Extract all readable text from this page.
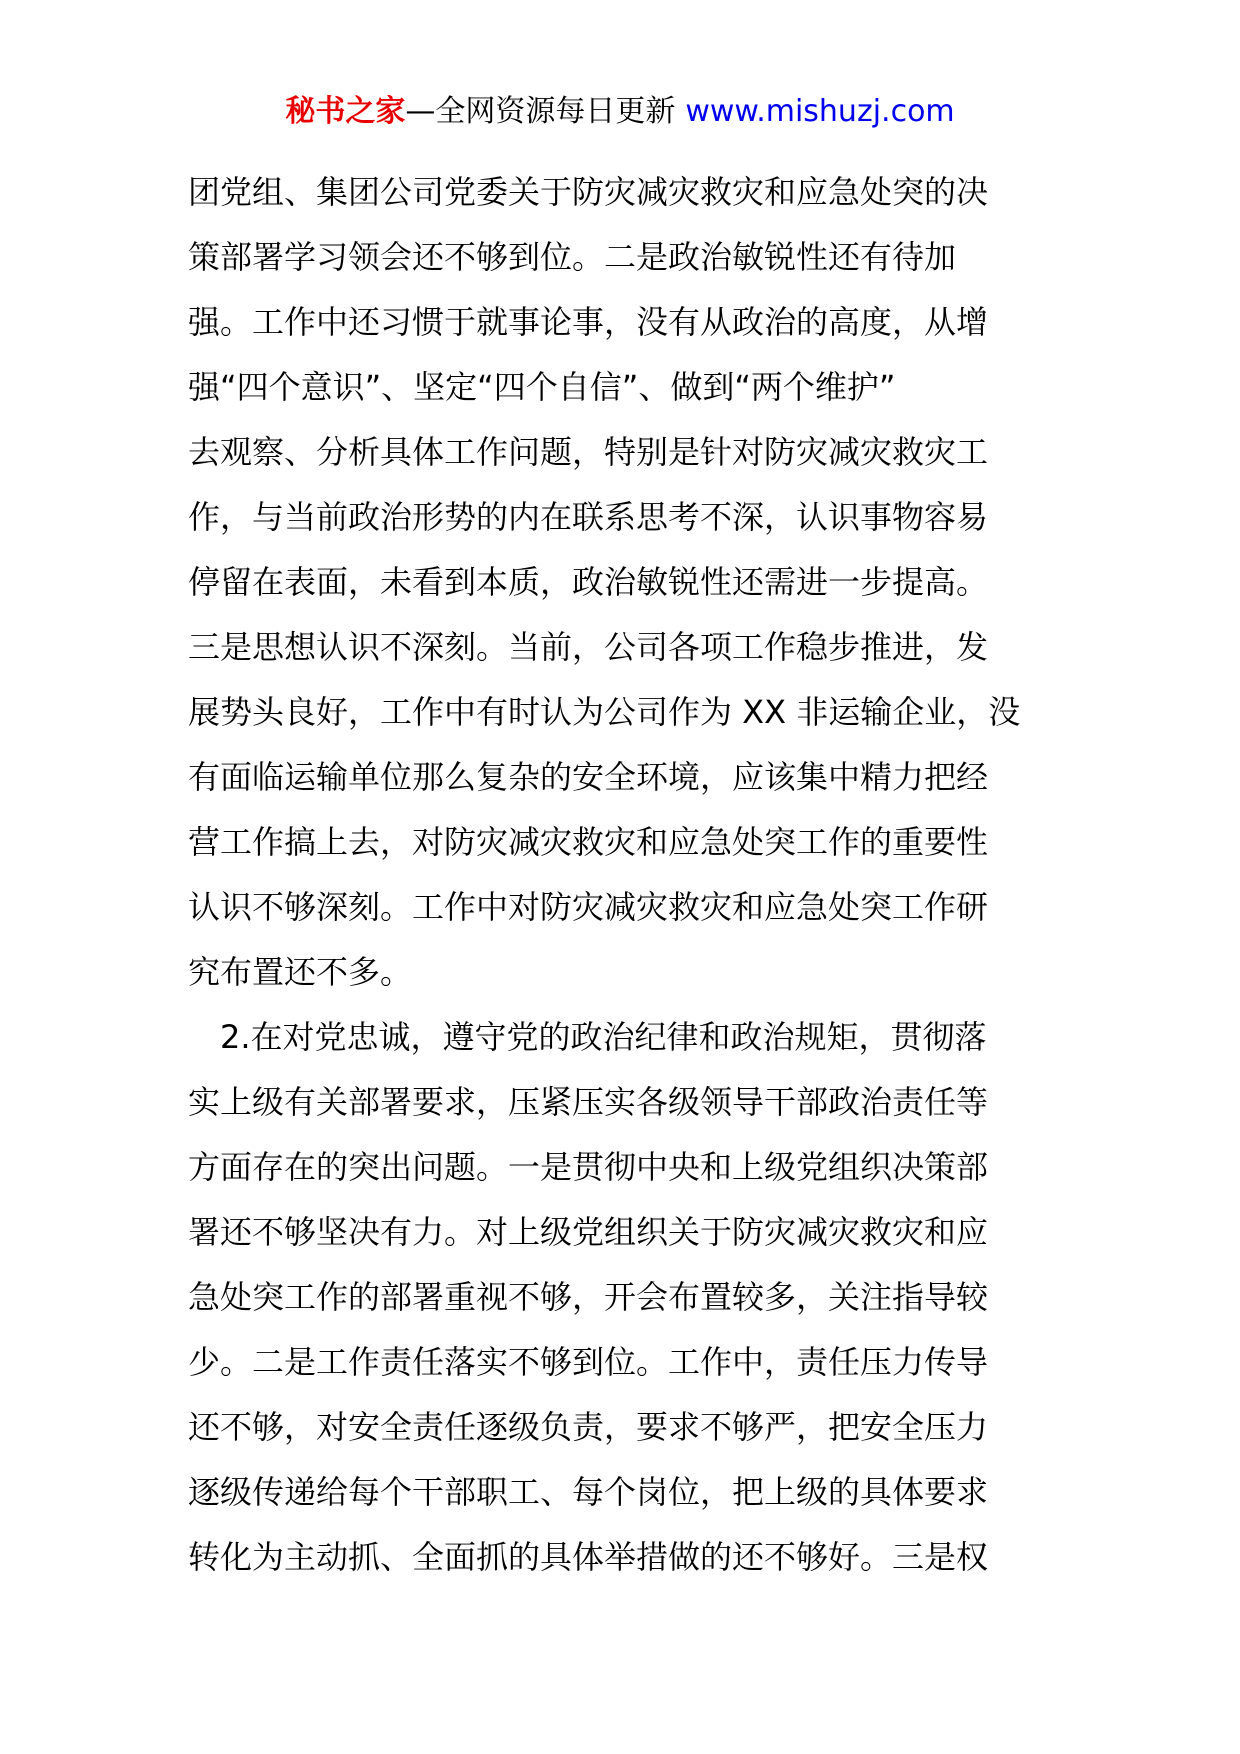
秘书之家—全网资源每日更新 www.mishuzj.com
团党组、集团公司党委关于防灾减灾救灾和应急处突的决
策部署学习领会还不够到位。二是政治敏锐性还有待加
强。工作中还习惯于就事论事，没有从政治的高度，从增
强“四个意识”、坚定“四个自信”、做到“两个维护”
去观察、分析具体工作问题，特别是针对防灾减灾救灾工
作，与当前政治形势的内在联系思考不深，认识事物容易
停留在表面，未看到本质，政治敏锐性还需进一步提高。
三是思想认识不深刻。当前，公司各项工作稳步推进，发
展势头良好，工作中有时认为公司作为 XX 非运输企业，没
有面临运输单位那么复杂的安全环境，应该集中精力把经
营工作搞上去，对防灾减灾救灾和应急处突工作的重要性
认识不够深刻。工作中对防灾减灾救灾和应急处突工作研
究布置还不多。
　2.在对党忠诚，遵守党的政治纪律和政治规矩，贯彻落
实上级有关部署要求，压紧压实各级领导干部政治责任等
方面存在的突出问题。一是贯彻中央和上级党组织决策部
署还不够坚决有力。对上级党组织关于防灾减灾救灾和应
急处突工作的部署重视不够，开会布置较多，关注指导较
少。二是工作责任落实不够到位。工作中，责任压力传导
还不够，对安全责任逐级负责，要求不够严，把安全压力
逐级传递给每个干部职工、每个岗位，把上级的具体要求
转化为主动抓、全面抓的具体举措做的还不够好。三是权
